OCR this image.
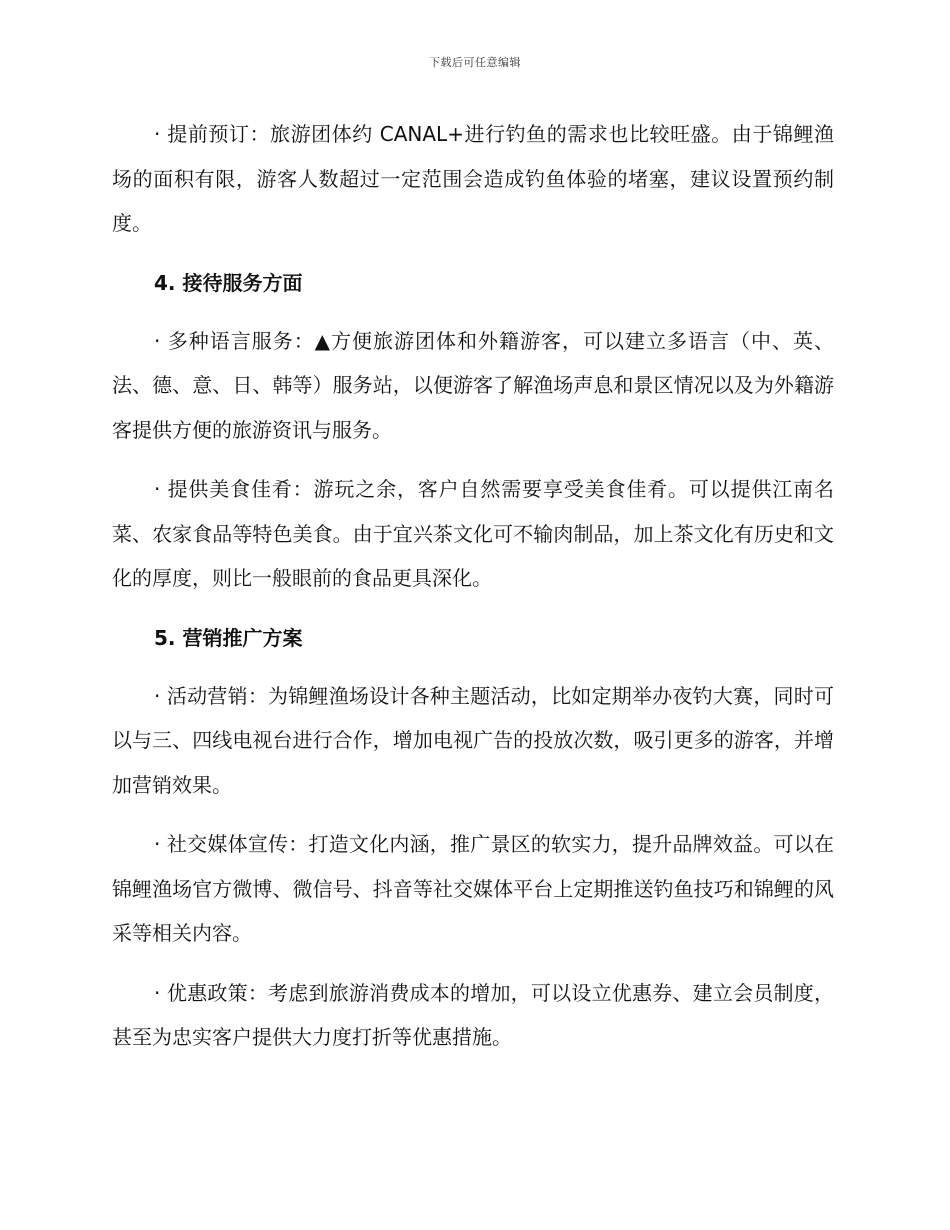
下载后可任意编辑

· 提前预订：旅游团体约 CANAL+进行钓鱼的需求也比较旺盛。由于锦鲤渔场的面积有限，游客人数超过一定范围会造成钓鱼体验的堵塞，建议设置预约制度。

4. 接待服务方面

· 多种语言服务：▲方便旅游团体和外籍游客，可以建立多语言（中、英、法、德、意、日、韩等）服务站，以便游客了解渔场声息和景区情况以及为外籍游客提供方便的旅游资讯与服务。

· 提供美食佳肴：游玩之余，客户自然需要享受美食佳肴。可以提供江南名菜、农家食品等特色美食。由于宜兴茶文化可不输肉制品，加上茶文化有历史和文化的厚度，则比一般眼前的食品更具深化。

5. 营销推广方案

· 活动营销：为锦鲤渔场设计各种主题活动，比如定期举办夜钓大赛，同时可以与三、四线电视台进行合作，增加电视广告的投放次数，吸引更多的游客，并增加营销效果。

· 社交媒体宣传：打造文化内涵，推广景区的软实力，提升品牌效益。可以在锦鲤渔场官方微博、微信号、抖音等社交媒体平台上定期推送钓鱼技巧和锦鲤的风采等相关内容。

· 优惠政策：考虑到旅游消费成本的增加，可以设立优惠券、建立会员制度，甚至为忠实客户提供大力度打折等优惠措施。
